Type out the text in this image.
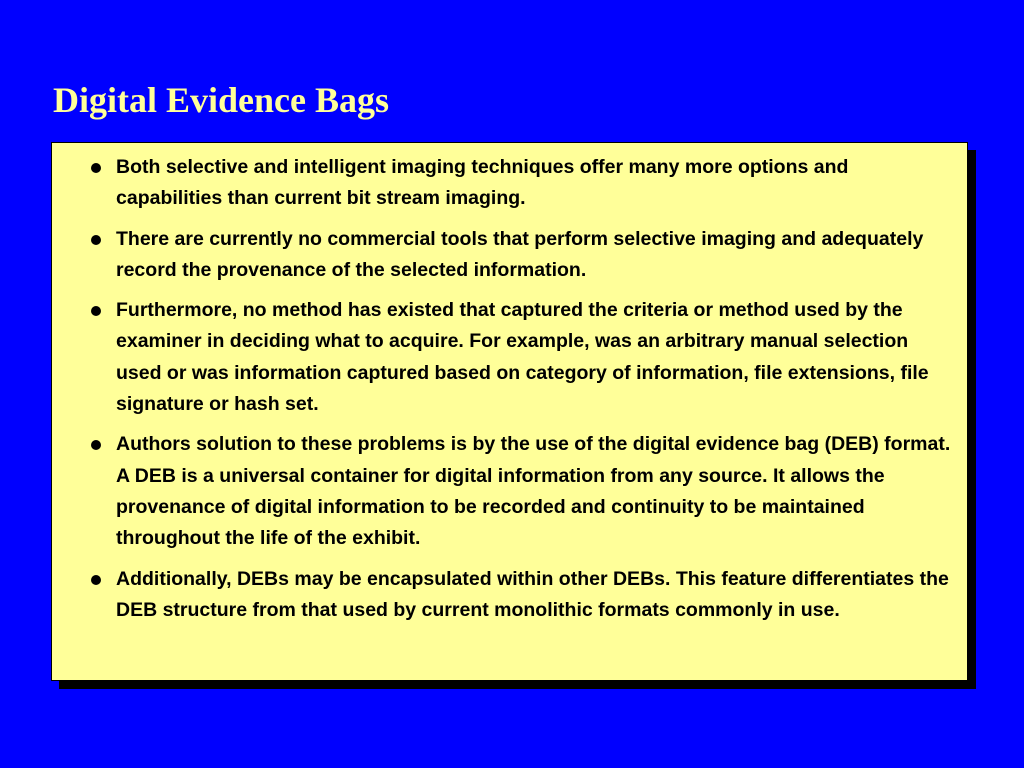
Digital Evidence Bags
Both selective and intelligent imaging techniques offer many more options and capabilities than current bit stream imaging.
There are currently no commercial tools that perform selective imaging and adequately record the provenance of the selected information.
Furthermore, no method has existed that captured the criteria or method used by the examiner in deciding what to acquire. For example, was an arbitrary manual selection used or was information captured based on category of information, file extensions, file signature or hash set.
Authors solution to these problems is by the use of the digital evidence bag (DEB) format. A DEB is a universal container for digital information from any source. It allows the provenance of digital information to be recorded and continuity to be maintained throughout the life of the exhibit.
Additionally, DEBs may be encapsulated within other DEBs. This feature differentiates the DEB structure from that used by current monolithic formats commonly in use.
